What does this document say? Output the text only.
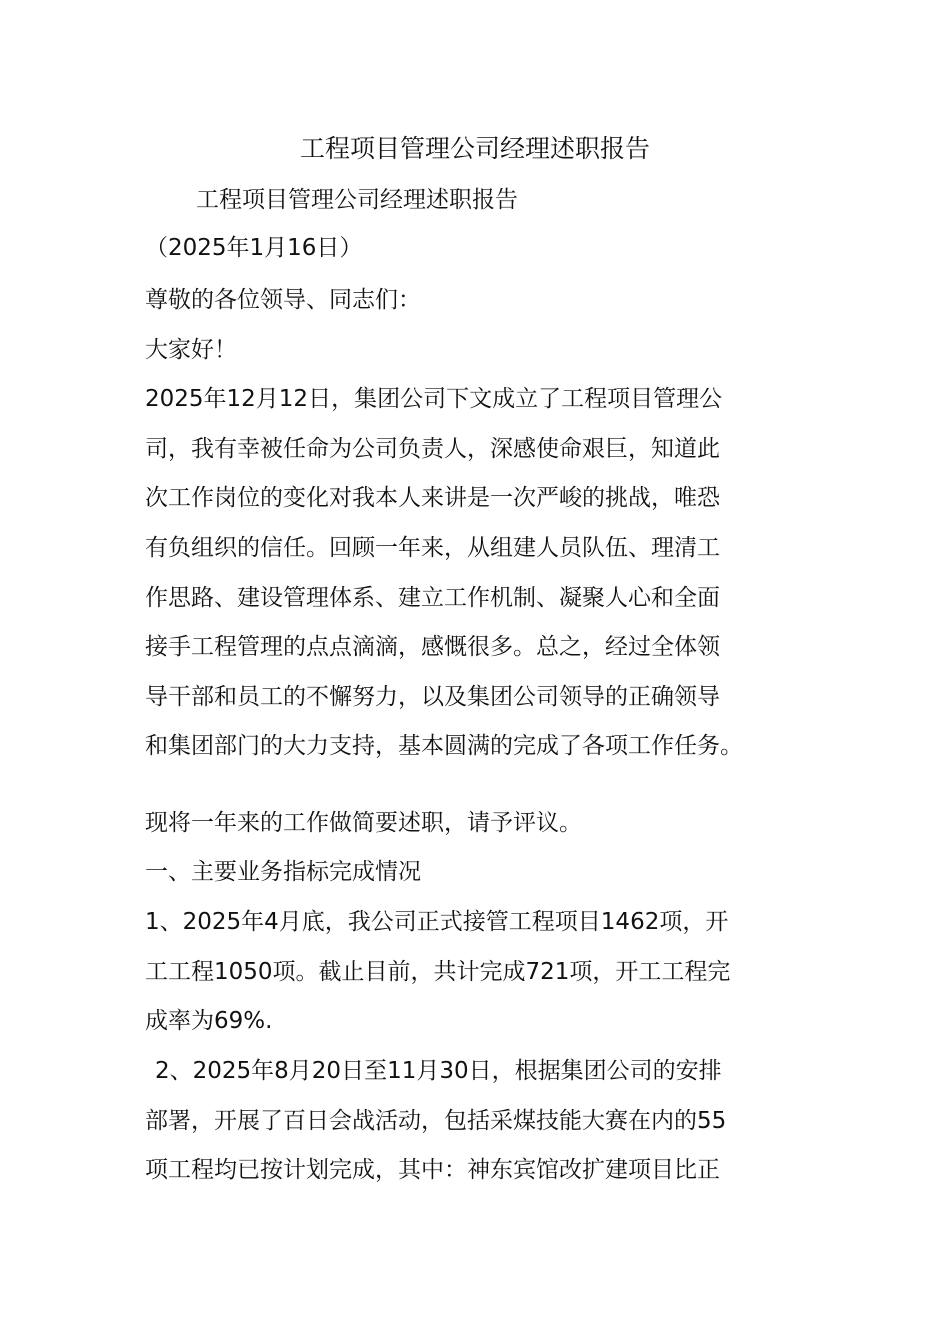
工程项目管理公司经理述职报告

工程项目管理公司经理述职报告

（2025年1月16日）

尊敬的各位领导、同志们：

大家好！

2025年12月12日，集团公司下文成立了工程项目管理公

司，我有幸被任命为公司负责人，深感使命艰巨，知道此

次工作岗位的变化对我本人来讲是一次严峻的挑战，唯恐

有负组织的信任。回顾一年来，从组建人员队伍、理清工

作思路、建设管理体系、建立工作机制、凝聚人心和全面

接手工程管理的点点滴滴，感慨很多。总之，经过全体领

导干部和员工的不懈努力，以及集团公司领导的正确领导

和集团部门的大力支持，基本圆满的完成了各项工作任务。

现将一年来的工作做简要述职，请予评议。

一、主要业务指标完成情况

1、2025年4月底，我公司正式接管工程项目1462项，开

工工程1050项。截止目前，共计完成721项，开工工程完

成率为69%.

2、2025年8月20日至11月30日，根据集团公司的安排

部署，开展了百日会战活动，包括采煤技能大赛在内的55

项工程均已按计划完成，其中：神东宾馆改扩建项目比正
